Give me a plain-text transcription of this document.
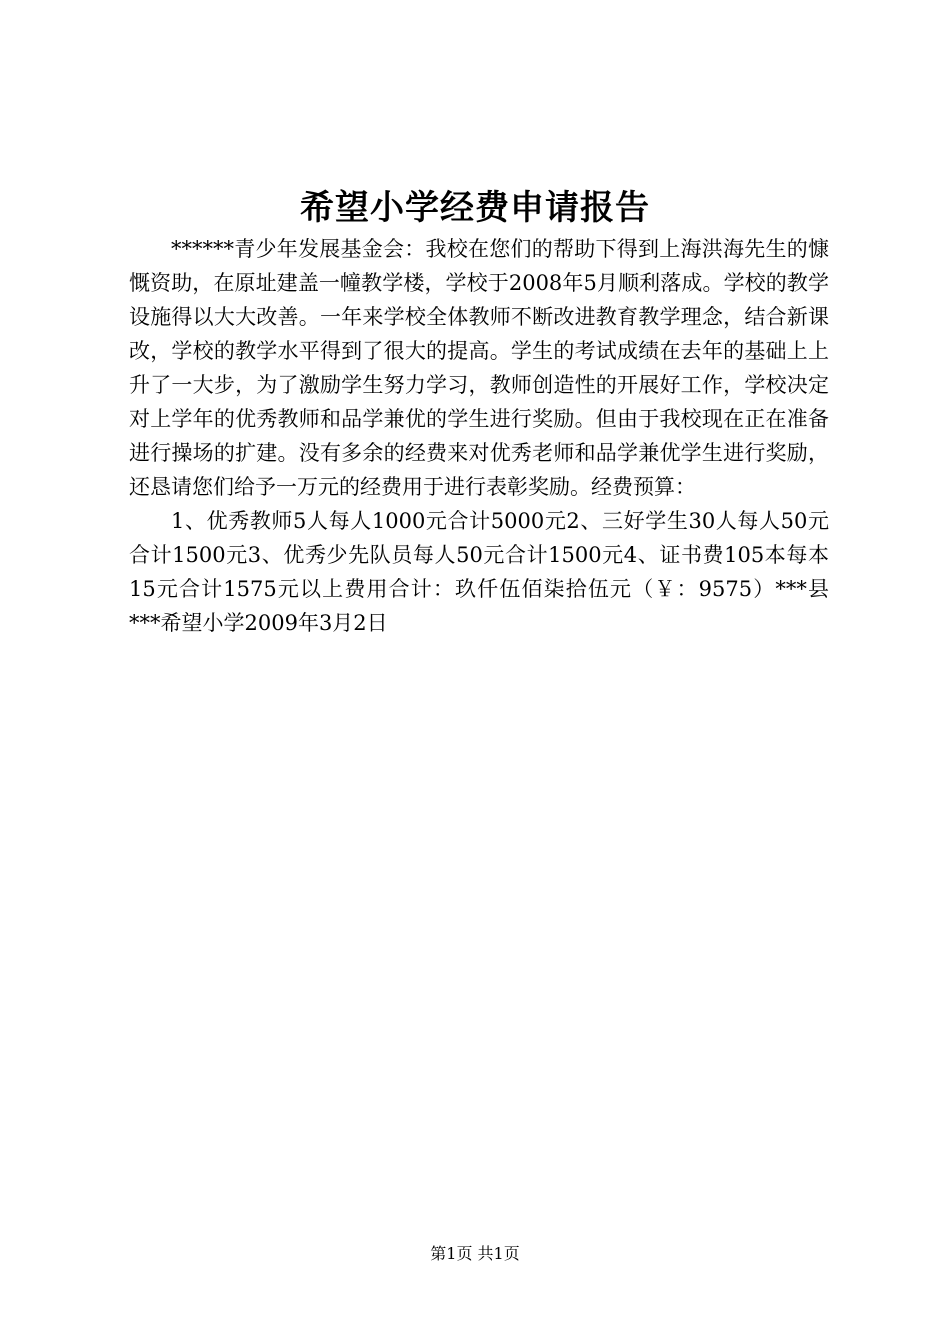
希望小学经费申请报告

******青少年发展基金会：我校在您们的帮助下得到上海洪海先生的慷慨资助，在原址建盖一幢教学楼，学校于2008年5月顺利落成。学校的教学设施得以大大改善。一年来学校全体教师不断改进教育教学理念，结合新课改，学校的教学水平得到了很大的提高。学生的考试成绩在去年的基础上上升了一大步，为了激励学生努力学习，教师创造性的开展好工作，学校决定对上学年的优秀教师和品学兼优的学生进行奖励。但由于我校现在正在准备进行操场的扩建。没有多余的经费来对优秀老师和品学兼优学生进行奖励，还恳请您们给予一万元的经费用于进行表彰奖励。经费预算：

1、优秀教师5人每人1000元合计5000元2、三好学生30人每人50元合计1500元3、优秀少先队员每人50元合计1500元4、证书费105本每本15元合计1575元以上费用合计：玖仟伍佰柒拾伍元（￥：9575）***县***希望小学2009年3月2日

第1页 共1页
